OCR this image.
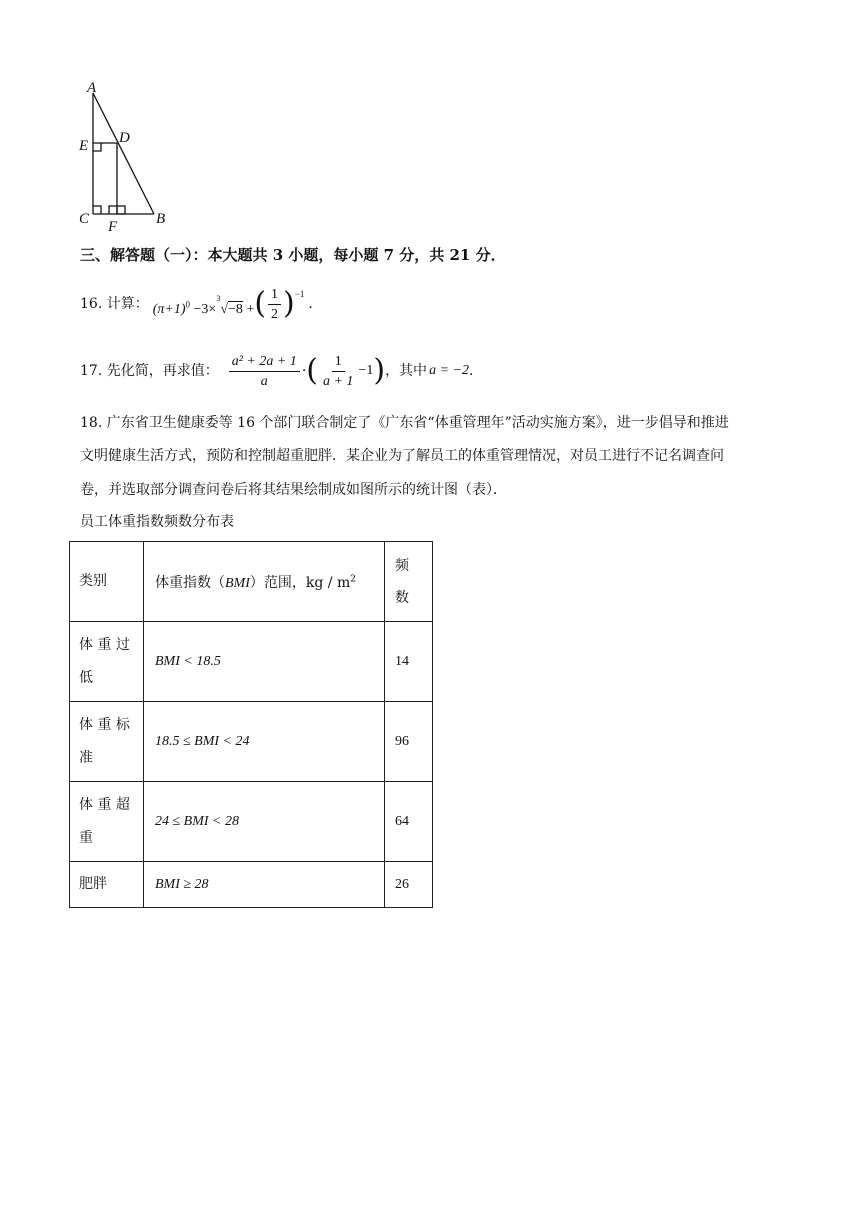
A
E D
C	B
F
三、解答题（一）：本大题共 3 小题，每小题 7 分，共 21 分．
16. 计算： $(\pi+1)^0 -3\times^3√-8$ + ( $\frac{1}{2}$ ) −1
．
17. 先化简，再求值： $\frac{\text{a² + 2a + 1}}{a}$ · ( $\frac{1}{a + 1} -1$ ) ，其中 a = −2 ．
18. 广东省卫生健康委等 16 个部门联合制定了《广东省“体重管理年”活动实施方案》，进一步倡导和推进
文明健康生活方式，预防和控制超重肥胖．某企业为了解员工的体重管理情况，对员工进行不记名调查问
卷，并选取部分调查问卷后将其结果绘制成如图所示的统计图（表）．
员工体重指数频数分布表
类别	体重指数（BMI）范围，kg / $m^2$	频
数

体 重 过
低	BMI < 18.5	14

体 重 标
准	18.5 ≤ BMI < 24	96

体 重 超
重	24 ≤ BMI < 28	64

肥胖	BMI ≥ 28	26
